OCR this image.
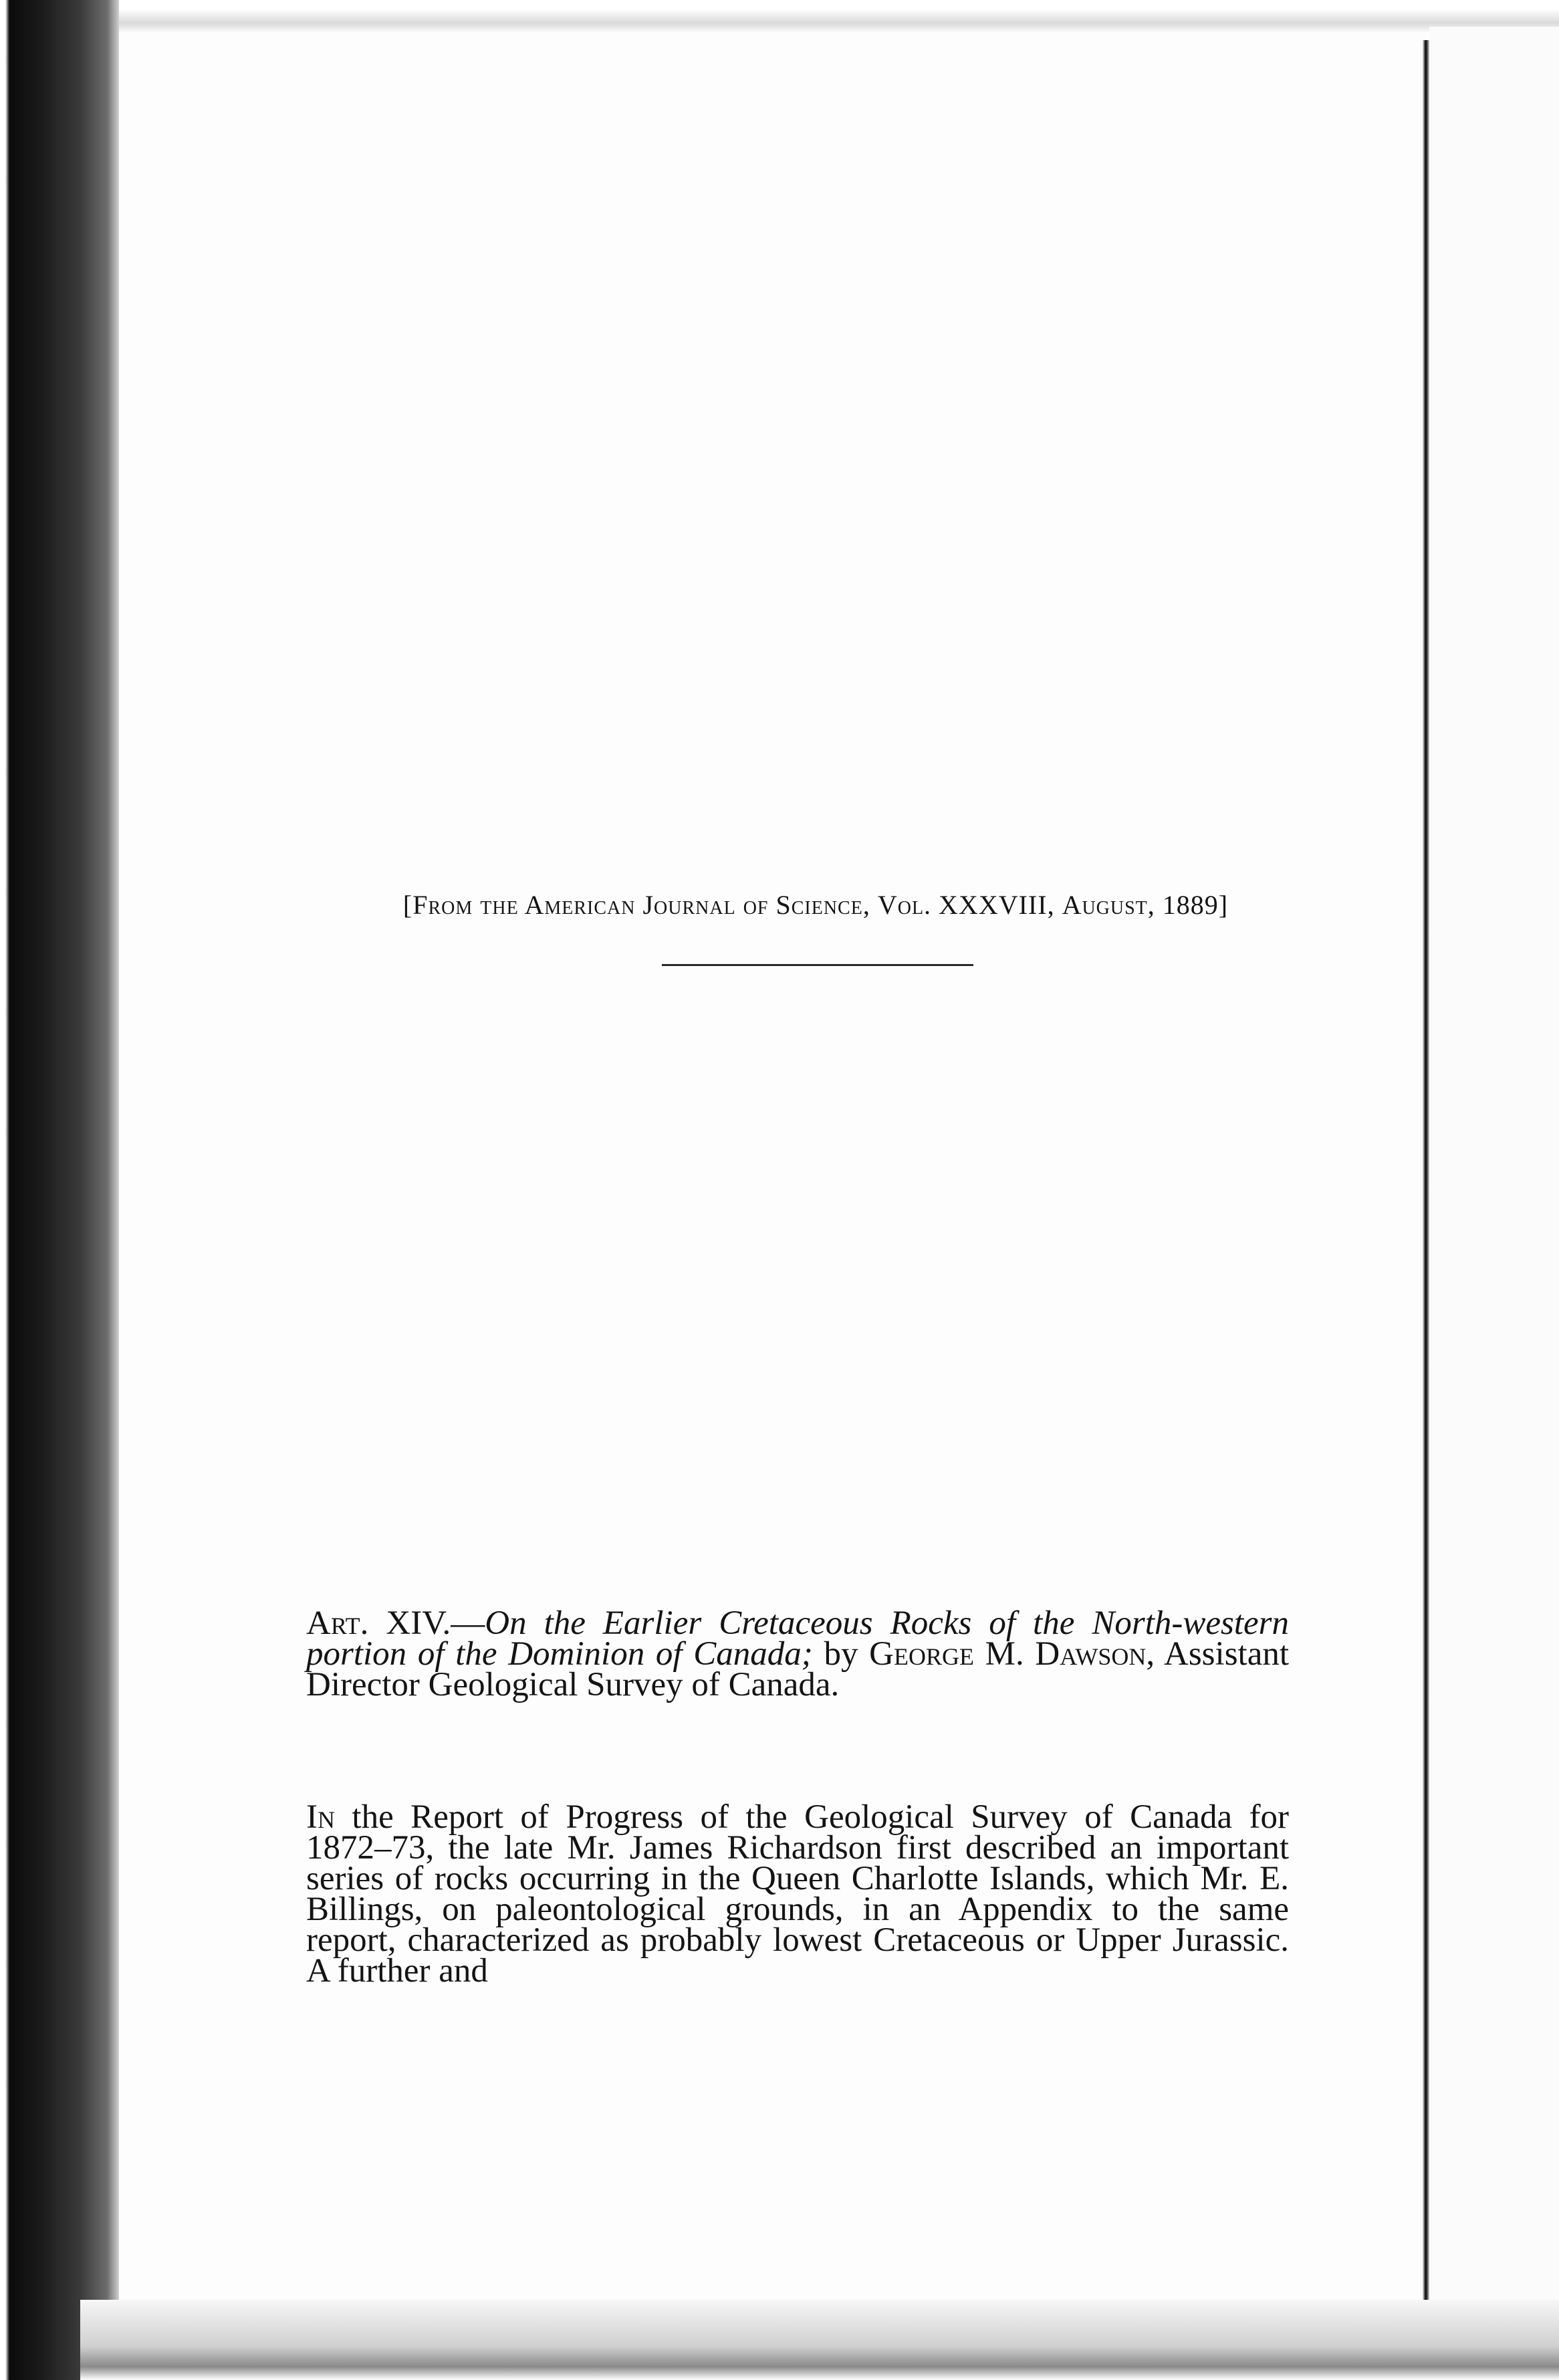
[From the American Journal of Science, Vol. XXXVIII, August, 1889]
Art. XIV.—On the Earlier Cretaceous Rocks of the North-western portion of the Dominion of Canada; by George M. Dawson, Assistant Director Geological Survey of Canada.
In the Report of Progress of the Geological Survey of Canada for 1872–73, the late Mr. James Richardson first described an important series of rocks occurring in the Queen Charlotte Islands, which Mr. E. Billings, on paleontological grounds, in an Appendix to the same report, characterized as probably lowest Cretaceous or Upper Jurassic. A further and
